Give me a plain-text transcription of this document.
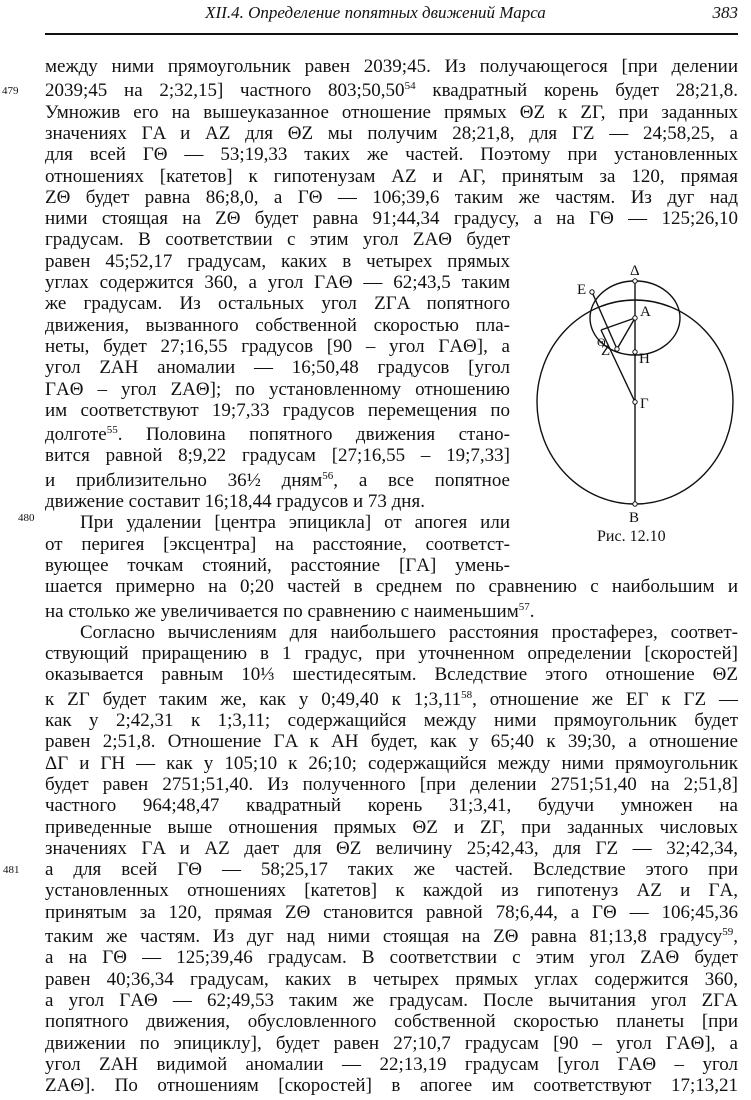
XII.4. Определение попятных движений Марса	383
479
480
481
между ними прямоугольник равен 2039;45. Из получающегося [при делении
2039;45 на 2;32,15] частного $803;50,50^{\^{}54}$ квадратный корень будет 28;21,8.
Умножив его на вышеуказанное отношение прямых ΘZ к ZΓ, при заданных
значениях ΓA и AZ для ΘZ мы получим 28;21,8, для ΓZ — 24;58,25, а
для всей ΓΘ — 53;19,33 таких же частей. Поэтому при установленных
отношениях [катетов] к гипотенузам AZ и AΓ, принятым за 120, прямая
ZΘ будет равна 86;8,0, а ΓΘ — 106;39,6 таким же частям. Из дуг над
ними стоящая на ZΘ будет равна 91;44,34 градусу, а на ΓΘ — 125;26,10
градусам. В соответствии с этим угол ZAΘ будет
равен 45;52,17 градусам, каких в четырех прямых
углах содержится 360, а угол ΓAΘ — 62;43,5 таким
же градусам. Из остальных угол ZΓA попятного
движения, вызванного собственной скоростью пла-
неты, будет 27;16,55 градусов [90 – угол ΓAΘ], а
угол ZAH аномалии — 16;50,48 градусов [угол
ΓAΘ – угол ZAΘ]; по установленному отношению
им соответствуют 19;7,33 градусов перемещения по
долготе$^{\^{}55}$. Половина попятного движения стано-
вится равной 8;9,22 градусам [27;16,55 – 19;7,33]
и приблизительно 36½ дням$^{\^{}56}$, а все попятное
движение составит 16;18,44 градусов и 73 дня.
При удалении [центра эпицикла] от апогея или
от перигея [эксцентра] на расстояние, соответст-
вующее точкам стояний, расстояние [ΓA] умень-
шается примерно на 0;20 частей в среднем по сравнению с наибольшим и
на столько же увеличивается по сравнению с наименьшим$^{\^{}57}$.
Согласно вычислениям для наибольшего расстояния простаферез, соответ-
ствующий приращению в 1 градус, при уточненном определении [скоростей]
оказывается равным 10⅓ шестидесятым. Вследствие этого отношение ΘZ
к ZΓ будет таким же, как у 0;49,40 к $1;3,11^{\^{}58}$, отношение же EΓ к ΓZ —
как у 2;42,31 к 1;3,11; содержащийся между ними прямоугольник будет
равен 2;51,8. Отношение ΓA к AH будет, как у 65;40 к 39;30, а отношение
ΔΓ и ΓH — как у 105;10 к 26;10; содержащийся между ними прямоугольник
будет равен 2751;51,40. Из полученного [при делении 2751;51,40 на 2;51,8]
частного 964;48,47 квадратный корень 31;3,41, будучи умножен на
приведенные выше отношения прямых ΘZ и ZΓ, при заданных числовых
значениях ΓA и AZ дает для ΘZ величину 25;42,43, для ΓZ — 32;42,34,
а для всей ΓΘ — 58;25,17 таких же частей. Вследствие этого при
установленных отношениях [катетов] к каждой из гипотенуз AZ и ΓA,
принятым за 120, прямая ZΘ становится равной 78;6,44, а ΓΘ — 106;45,36
таким же частям. Из дуг над ними стоящая на ZΘ равна 81;13,8 градусу$^{\^{}59}$,
а на ΓΘ — 125;39,46 градусам. В соответствии с этим угол ZAΘ будет
равен 40;36,34 градусам, каких в четырех прямых углах содержится 360,
а угол ΓAΘ — 62;49,53 таким же градусам. После вычитания угол ZΓA
попятного движения, обусловленного собственной скоростью планеты [при
движении по эпициклу], будет равен 27;10,7 градусам [90 – угол ΓAΘ], а
угол ZAH видимой аномалии — 22;13,19 градусам [угол ΓAΘ – угол
ZAΘ]. По отношениям [скоростей] в апогее им соответствуют 17;13,21
Δ
E
A
Θ
Z H
Γ
B
Рис. 12.10
